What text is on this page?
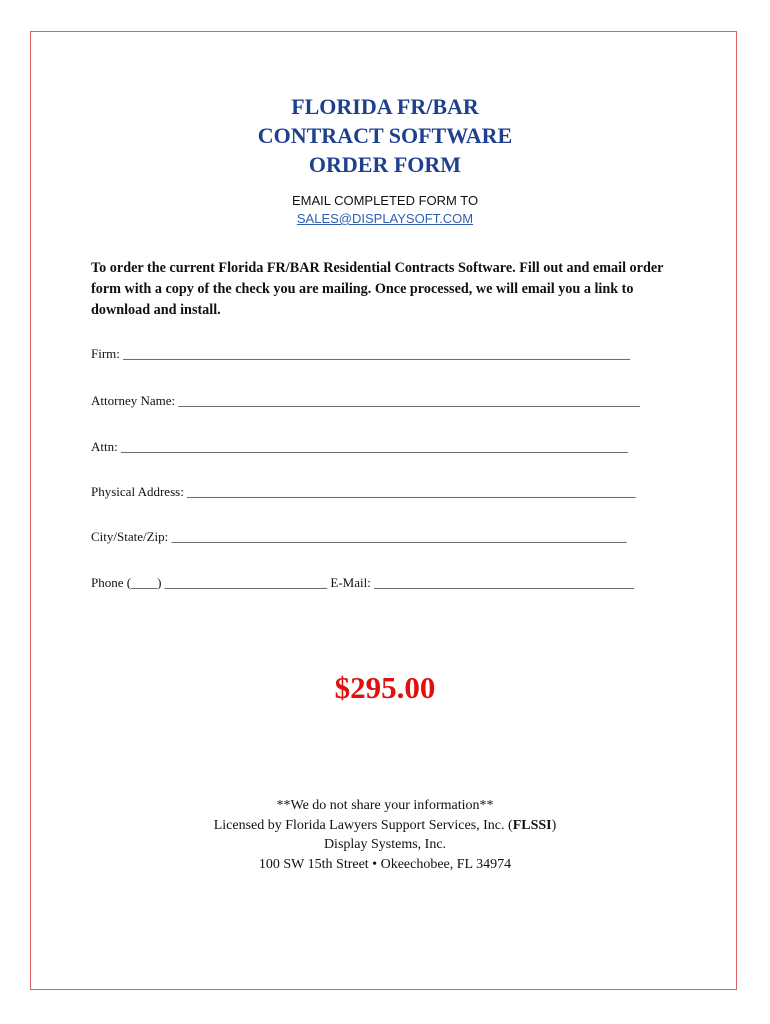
FLORIDA FR/BAR
CONTRACT SOFTWARE
ORDER FORM
EMAIL COMPLETED FORM TO
SALES@DISPLAYSOFT.COM
To order the current Florida FR/BAR Residential Contracts Software. Fill out and email order form with a copy of the check you are mailing. Once processed, we will email you a link to download and install.
Firm: ______________________________________________________________________________
Attorney Name: _______________________________________________________________________
Attn: ______________________________________________________________________________
Physical Address: _____________________________________________________________________
City/State/Zip: ______________________________________________________________________
Phone (____) _________________________ E-Mail: ________________________________________
$295.00
**We do not share your information**
Licensed by Florida Lawyers Support Services, Inc. (FLSSI)
Display Systems, Inc.
100 SW 15th Street • Okeechobee, FL 34974
